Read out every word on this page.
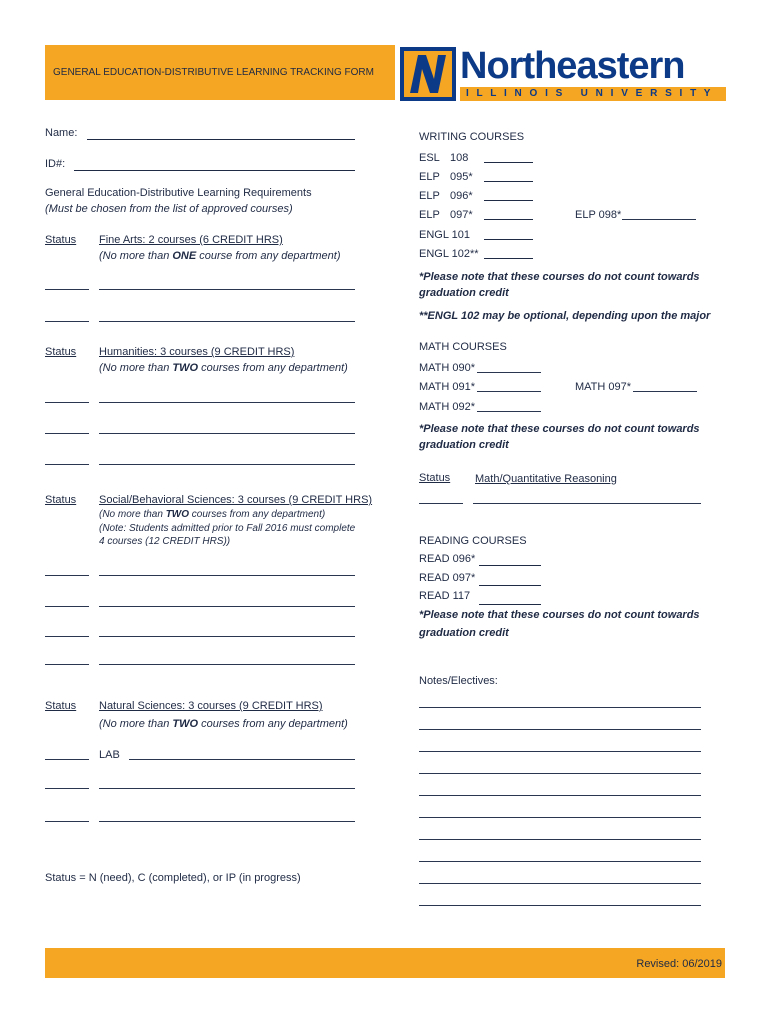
GENERAL EDUCATION-DISTRIBUTIVE LEARNING TRACKING FORM Northeastern
I L L I N O I S   U N I V E R S I T Y
Name:
ID#:
General Education-Distributive Learning Requirements
(Must be chosen from the list of approved courses)
Status Fine Arts: 2 courses (6 CREDIT HRS)
(No more than ONE course from any department)
Status Humanities: 3 courses (9 CREDIT HRS)
(No more than TWO courses from any department)
Status Social/Behavioral Sciences: 3 courses (9 CREDIT HRS)
(No more than TWO courses from any department)
(Note: Students admitted prior to Fall 2016 must complete
4 courses (12 CREDIT HRS))
Status Natural Sciences: 3 courses (9 CREDIT HRS)
(No more than TWO courses from any department)
LAB
Status = N (need), C (completed), or IP (in progress)
WRITING COURSES
ESL 108
ELP 095*
ELP 096*
ELP 097*	ELP 098*
ENGL 101
ENGL 102**
*Please note that these courses do not count towards
graduation credit
**ENGL 102 may be optional, depending upon the major
MATH COURSES
MATH 090*
MATH 091*	MATH 097*
MATH 092*
*Please note that these courses do not count towards
graduation credit
Status Math/Quantitative Reasoning
READING COURSES
READ 096*
READ 097*
READ 117
*Please note that these courses do not count towards
graduation credit
Notes/Electives:
Revised: 06/2019
